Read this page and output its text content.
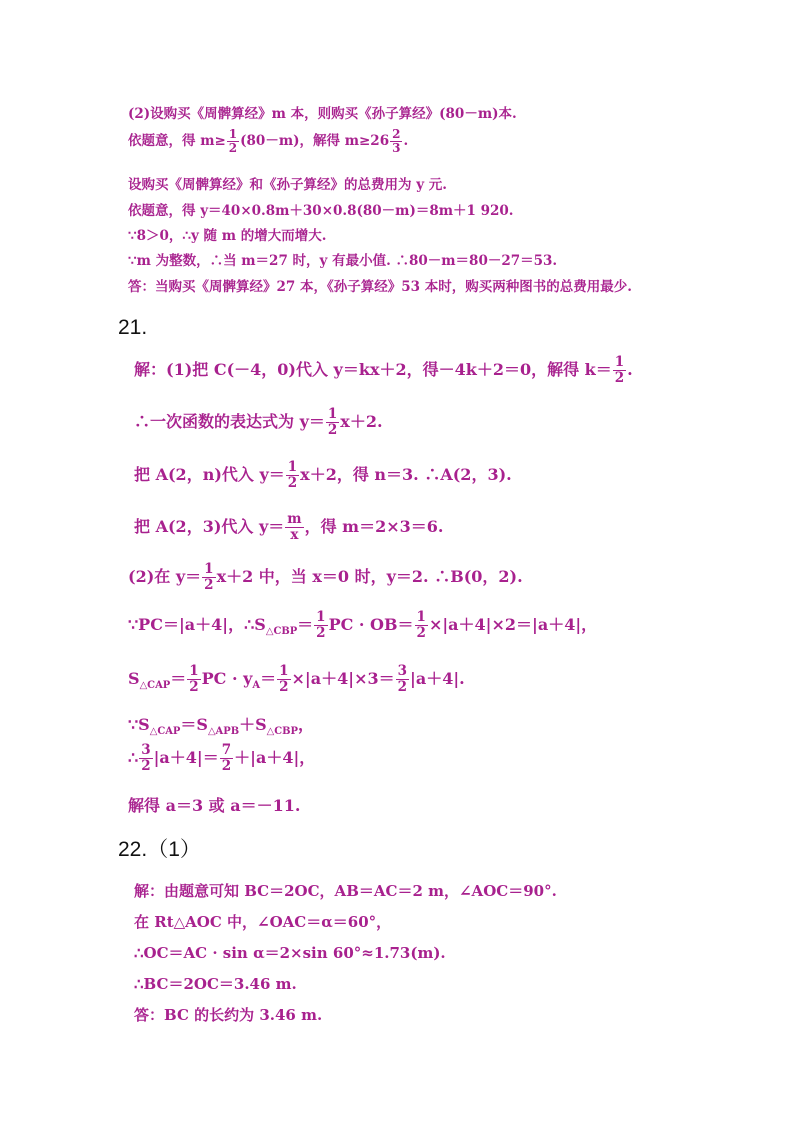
(2)设购买《周髀算经》m 本，则购买《孙子算经》(80－m)本.
依题意，得 $m\ge \frac{1}{2} (80-m)$，解得 $m\ge 26 \frac{2}{3}$ .
设购买《周髀算经》和《孙子算经》的总费用为 y 元.
依题意，得 y＝40×0.8m＋30×0.8(80－m)＝8m＋1 920.
∵8＞0，∴y 随 m 的增大而增大.
∵m 为整数，∴当 m＝27 时，y 有最小值. ∴80－m＝80－27＝53.
答：当购买《周髀算经》27 本，《孙子算经》53 本时，购买两种图书的总费用最少.
21.
解：(1)把 C(－4，0)代入 y＝kx＋2，得－4k＋2＝0，解得 $k= \frac{1}{2}$ .
∴一次函数的表达式为 $y= \frac{1}{2} x+2$.
把 A(2，n)代入 $y= \frac{1}{2} x+2$，得 n＝3. ∴A(2，3).
把 A(2，3)代入 $y= \frac{m}{x}$ ，得 m＝2×3＝6.
(2)在 $y= \frac{1}{2} x+2$ 中，当 x＝0 时，y＝2. ∴B(0，2).
∵PC＝|a＋4|，$\therefore S_{\triangle CBP}= \frac{1}{2}$ PC · $OB= \frac{1}{2} \times|a+4|\times 2=|a+4|$，
$S_{\triangle CAP}= \frac{1}{2}$ PC · $y_A= \frac{1}{2} \times|a+4|\times 3= \frac{3}{2} |a+4|$.
$\because S_{\triangle CAP}=S_{\triangle APB}+S_{\triangle CBP}$，
∴ $\frac{3}{2} |a+4|= \frac{7}{2} +|a+4|$，
解得 a＝3 或 a＝－11.
22.（1）
解：由题意可知 BC＝2OC，AB＝AC＝2 m，∠AOC＝90°.
在 Rt△AOC 中，∠OAC＝α＝60°，
∴OC＝AC · sin α＝2×sin 60°≈1.73(m).
∴BC＝2OC＝3.46 m.
答：BC 的长约为 3.46 m.
